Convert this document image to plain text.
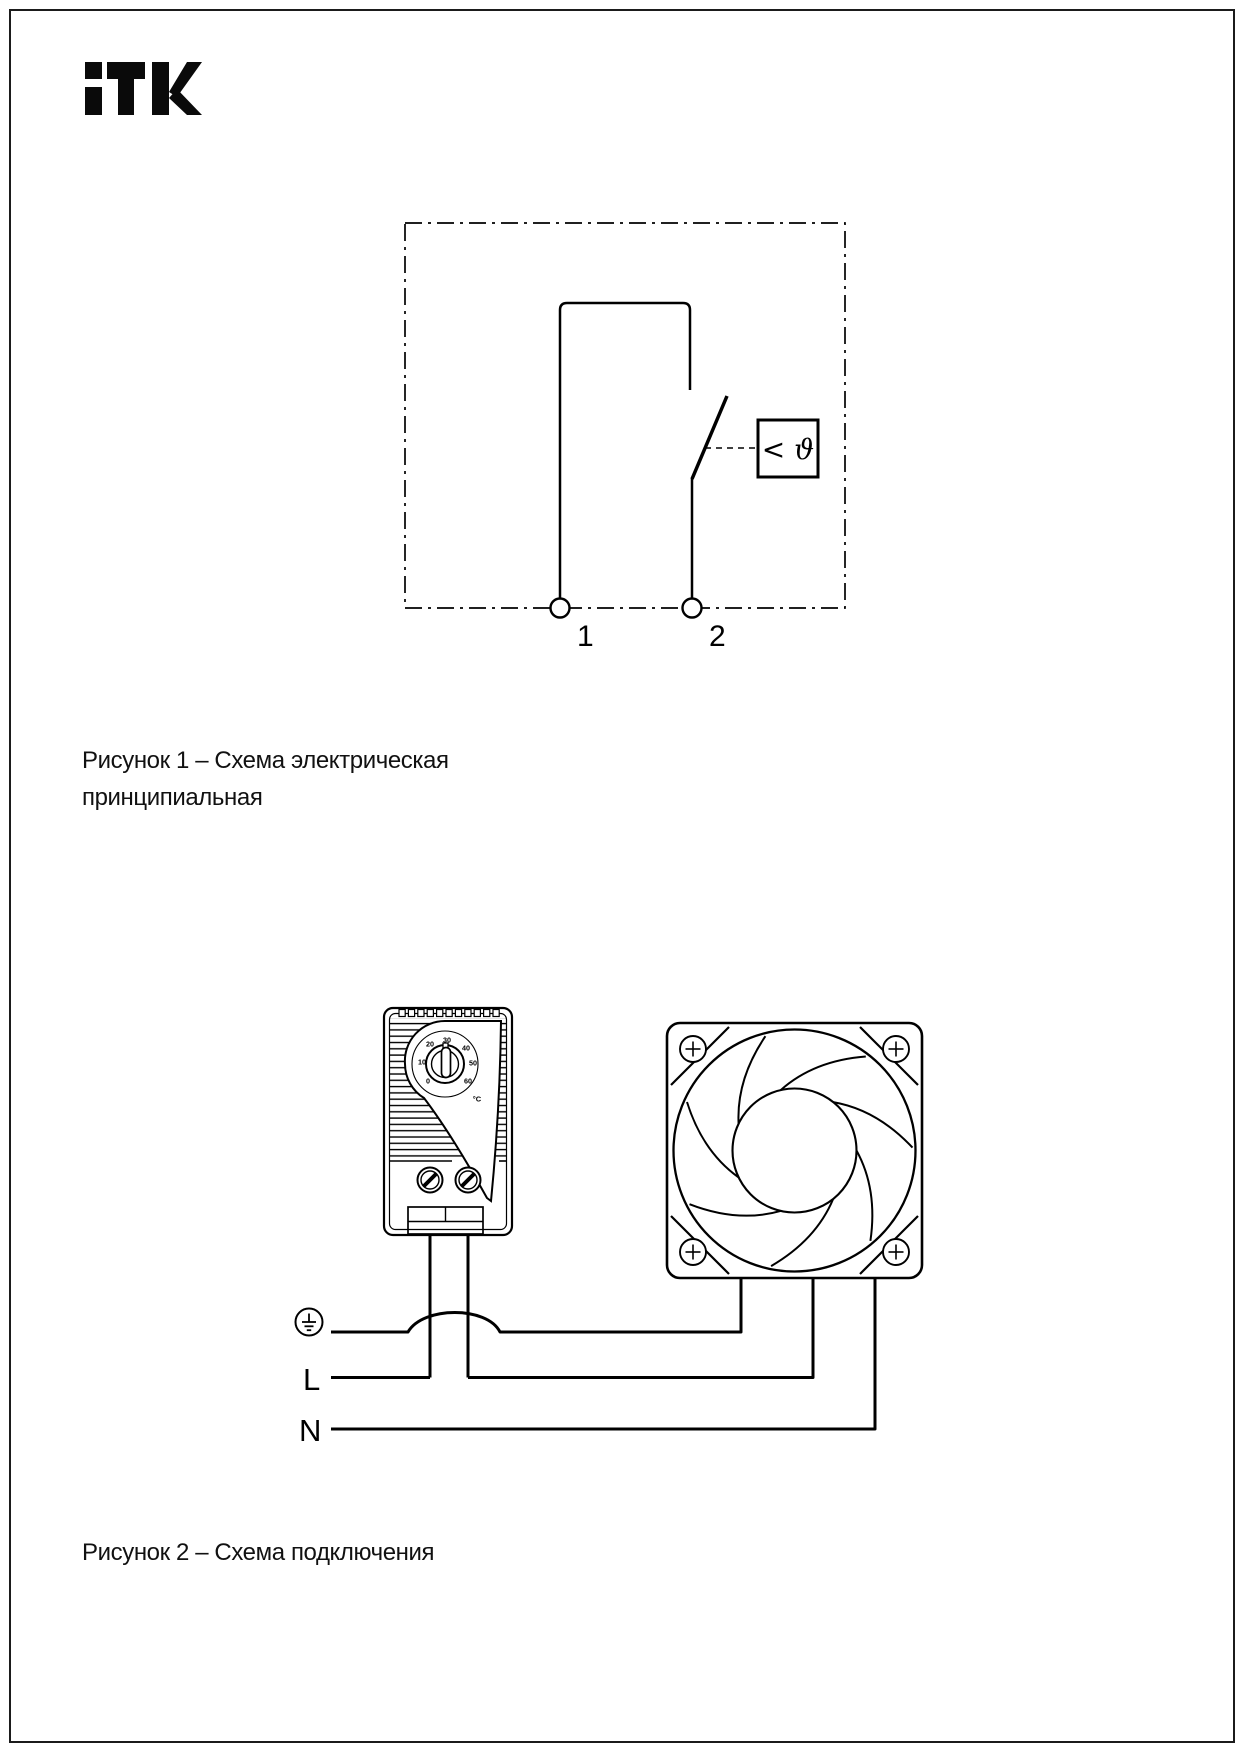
< ϑ
1	2
Рисунок 1 – Схема электрическая
принципиальная
L
N
0
10
20 30
40
50
60
°C
Рисунок 2 – Схема подключения
